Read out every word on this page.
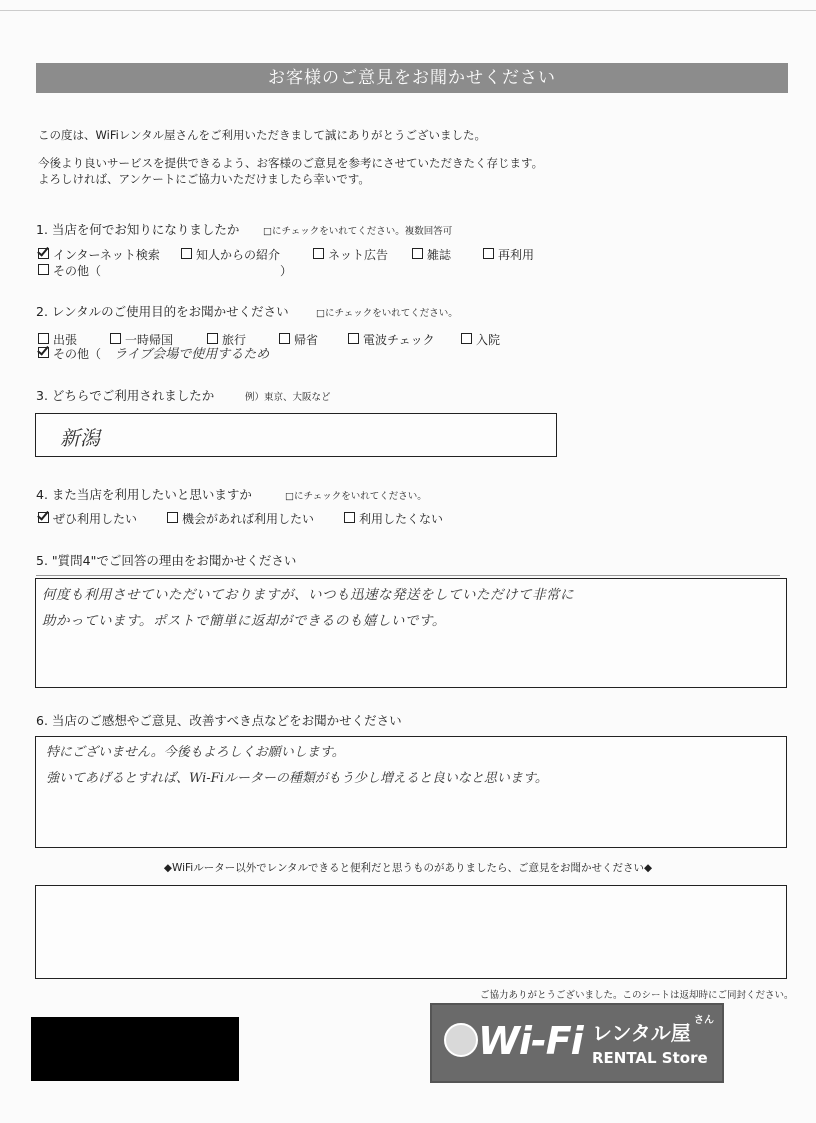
お客様のご意見をお聞かせください
この度は、WiFiレンタル屋さんをご利用いただきまして誠にありがとうございました。
今後より良いサービスを提供できるよう、お客様のご意見を参考にさせていただきたく存じます。
よろしければ、アンケートにご協力いただけましたら幸いです。
1. 当店を何でお知りになりましたか □にチェックをいれてください。複数回答可
インターネット検索	知人からの紹介	ネット広告	雑誌	再利用
その他（	）
2. レンタルのご使用目的をお聞かせください	□にチェックをいれてください。
出張	一時帰国	旅行	帰省	電波チェック	入院
その他（ ライブ会場で使用するため
3. どちらでご利用されましたか	例）東京、大阪など
新潟
4. また当店を利用したいと思いますか	□にチェックをいれてください。
ぜひ利用したい	機会があれば利用したい	利用したくない
5. "質問4"でご回答の理由をお聞かせください
何度も利用させていただいておりますが、いつも迅速な発送をしていただけて非常に
助かっています。ポストで簡単に返却ができるのも嬉しいです。
6. 当店のご感想やご意見、改善すべき点などをお聞かせください
特にございません。今後もよろしくお願いします。
強いてあげるとすれば、Wi-Fiルーターの種類がもう少し増えると良いなと思います。
◆WiFiルーター以外でレンタルできると便利だと思うものがありましたら、ご意見をお聞かせください◆
ご協力ありがとうございました。このシートは返却時にご同封ください。
Wi-Fi レンタル屋
さん
RENTAL Store
